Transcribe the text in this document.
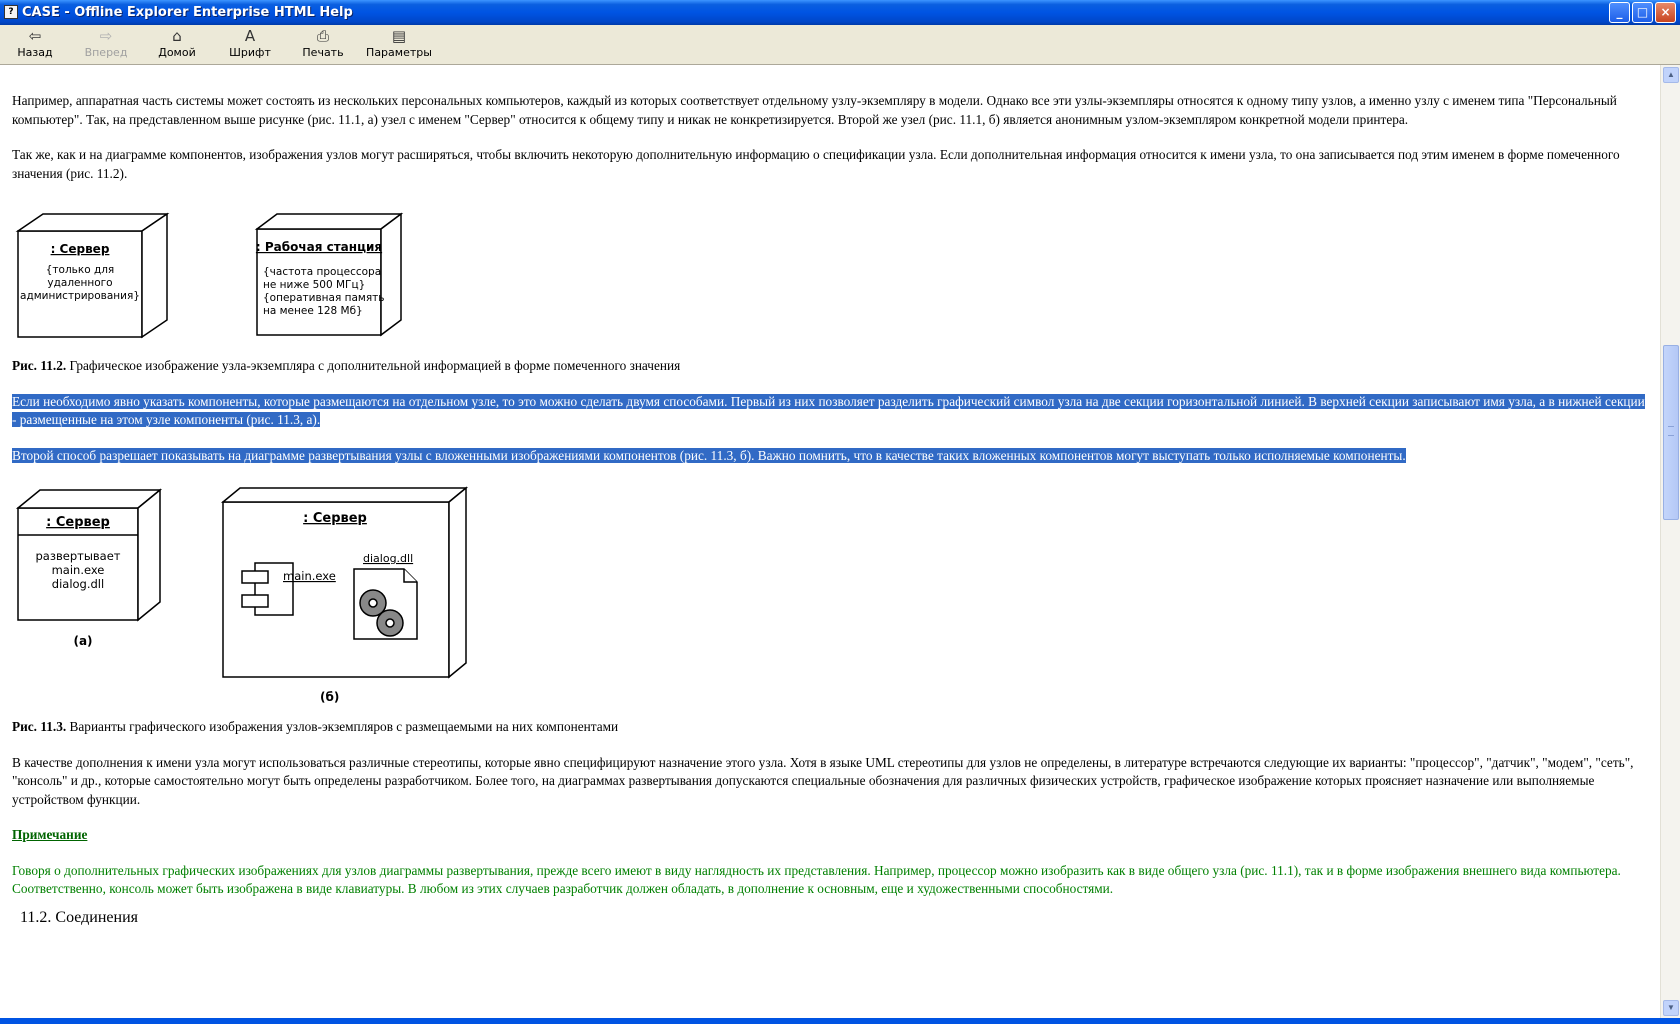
? CASE - Offline Explorer Enterprise HTML Help	_	□	×
⇦
Назад
⇨
Вперед
⌂
Домой
A
Шрифт
⎙
Печать
▤
Параметры

Например, аппаратная часть системы может состоять из нескольких персональных компьютеров, каждый из которых соответствует отдельному узлу-экземпляру в модели. Однако все эти узлы-экземпляры относятся к одному типу узлов, а именно узлу с именем типа "Персональный компьютер". Так, на представленном выше рисунке (рис. 11.1, а) узел с именем "Сервер" относится к общему типу и никак не конкретизируется. Второй же узел (рис. 11.1, б) является анонимным узлом-экземпляром конкретной модели принтера.

Так же, как и на диаграмме компонентов, изображения узлов могут расширяться, чтобы включить некоторую дополнительную информацию о спецификации узла. Если дополнительная информация относится к имени узла, то она записывается под этим именем в форме помеченного значения (рис. 11.2).

: Сервер
{только для
удаленного
администрирования}
: Рабочая станция
{частота процессора
не ниже 500 МГц}
{оперативная память
на менее 128 Мб}

Рис. 11.2. Графическое изображение узла-экземпляра с дополнительной информацией в форме помеченного значения

Если необходимо явно указать компоненты, которые размещаются на отдельном узле, то это можно сделать двумя способами. Первый из них позволяет разделить графический символ узла на две секции горизонтальной линией. В верхней секции записывают имя узла, а в нижней секции - размещенные на этом узле компоненты (рис. 11.3, а).

Второй способ разрешает показывать на диаграмме развертывания узлы с вложенными изображениями компонентов (рис. 11.3, б). Важно помнить, что в качестве таких вложенных компонентов могут выступать только исполняемые компоненты.

: Сервер
развертывает
main.exe
dialog.dll
(а)
: Сервер
main.exe
dialog.dll
(б)

Рис. 11.3. Варианты графического изображения узлов-экземпляров с размещаемыми на них компонентами

В качестве дополнения к имени узла могут использоваться различные стереотипы, которые явно специфицируют назначение этого узла. Хотя в языке UML стереотипы для узлов не определены, в литературе встречаются следующие их варианты: "процессор", "датчик", "модем", "сеть", "консоль" и др., которые самостоятельно могут быть определены разработчиком. Более того, на диаграммах развертывания допускаются специальные обозначения для различных физических устройств, графическое изображение которых проясняет назначение или выполняемые устройством функции.

Примечание

Говоря о дополнительных графических изображениях для узлов диаграммы развертывания, прежде всего имеют в виду наглядность их представления. Например, процессор можно изобразить как в виде общего узла (рис. 11.1), так и в форме изображения внешнего вида компьютера. Соответственно, консоль может быть изображена в виде клавиатуры. В любом из этих случаев разработчик должен обладать, в дополнение к основным, еще и художественными способностями.

11.2. Соединения
▲
▼
